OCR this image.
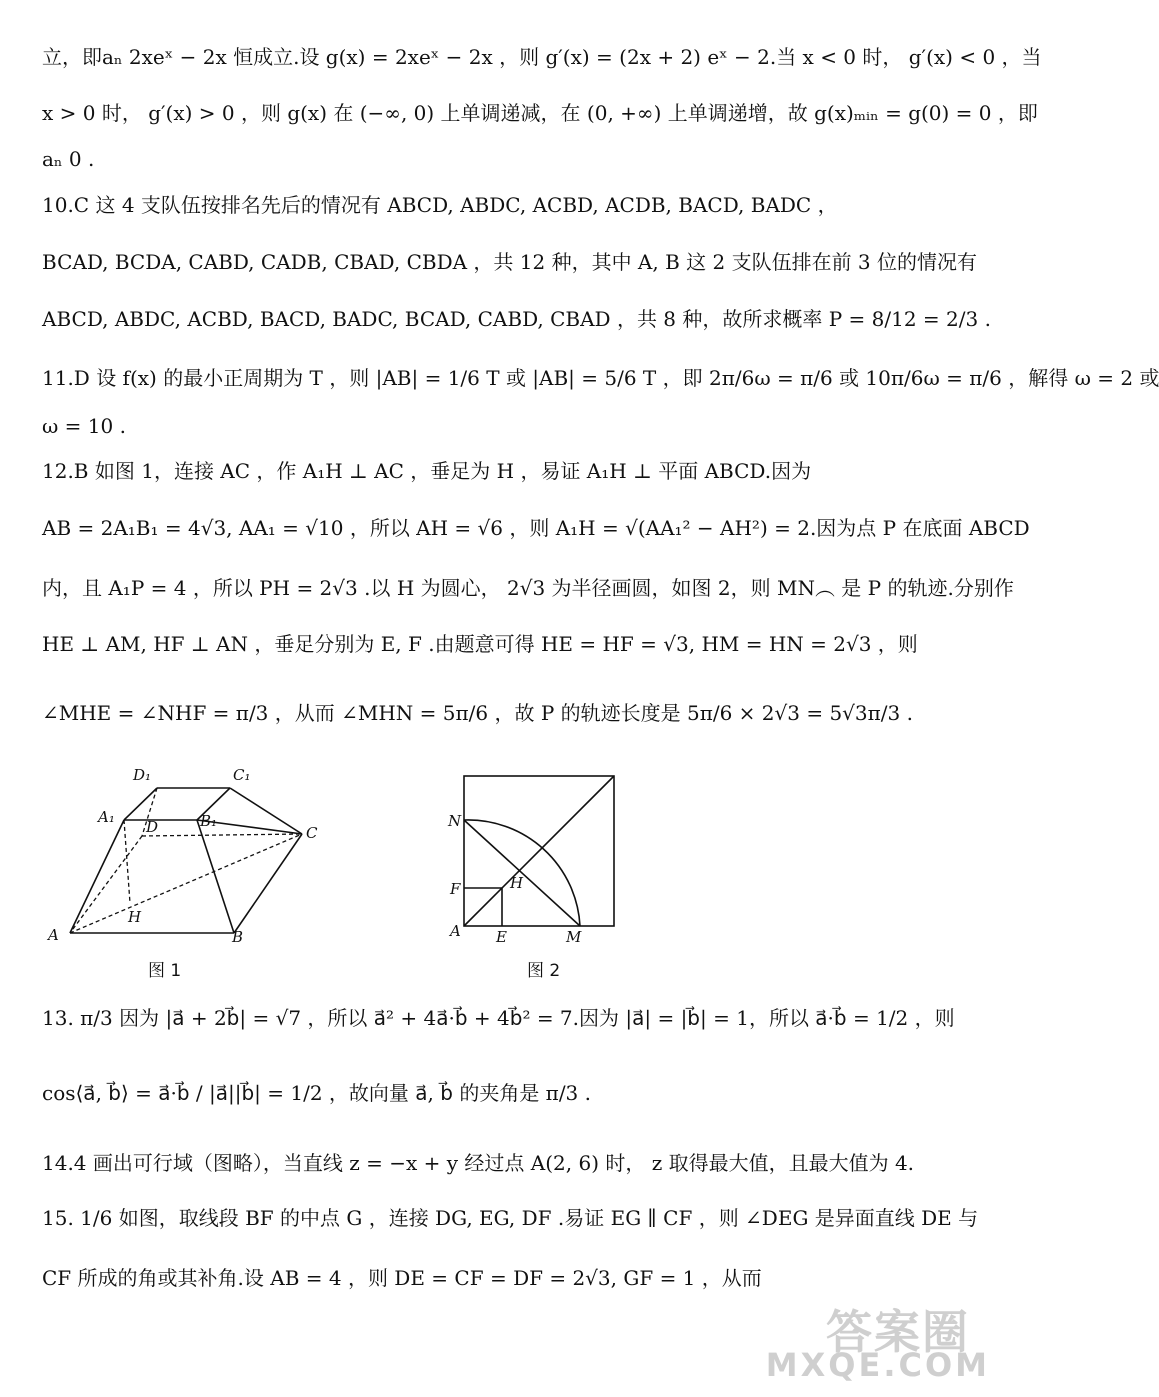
立，即aₙ 2xeˣ − 2x 恒成立.设 g(x) = 2xeˣ − 2x ，则 g′(x) = (2x + 2) eˣ − 2.当 x < 0 时， g′(x) < 0 ，当
x > 0 时， g′(x) > 0 ，则 g(x) 在 (−∞, 0) 上单调递减，在 (0, +∞) 上单调递增，故 g(x)ₘᵢₙ = g(0) = 0 ，即
aₙ 0 .
10.C 这 4 支队伍按排名先后的情况有 ABCD, ABDC, ACBD, ACDB, BACD, BADC ，
BCAD, BCDA, CABD, CADB, CBAD, CBDA ，共 12 种，其中 A, B 这 2 支队伍排在前 3 位的情况有
ABCD, ABDC, ACBD, BACD, BADC, BCAD, CABD, CBAD ，共 8 种，故所求概率 P = 8/12 = 2/3 .
11.D 设 f(x) 的最小正周期为 T ，则 |AB| = 1/6 T 或 |AB| = 5/6 T ，即 2π/6ω = π/6 或 10π/6ω = π/6 ，解得 ω = 2 或
ω = 10 .
12.B 如图 1，连接 AC ，作 A₁H ⊥ AC ，垂足为 H ，易证 A₁H ⊥ 平面 ABCD.因为
AB = 2A₁B₁ = 4√3, AA₁ = √10 ，所以 AH = √6 ，则 A₁H = √(AA₁² − AH²) = 2.因为点 P 在底面 ABCD
内，且 A₁P = 4 ，所以 PH = 2√3 .以 H 为圆心， 2√3 为半径画圆，如图 2，则 MN︵ 是 P 的轨迹.分别作
HE ⊥ AM, HF ⊥ AN ，垂足分别为 E, F .由题意可得 HE = HF = √3, HM = HN = 2√3 ，则
∠MHE = ∠NHF = π/3 ，从而 ∠MHN = 5π/6 ，故 P 的轨迹长度是 5π/6 × 2√3 = 5√3π/3 .
13. π/3 因为 |a⃗ + 2b⃗| = √7 ，所以 a⃗² + 4a⃗·b⃗ + 4b⃗² = 7.因为 |a⃗| = |b⃗| = 1，所以 a⃗·b⃗ = 1/2 ，则
cos⟨a⃗, b⃗⟩ = a⃗·b⃗ / |a⃗||b⃗| = 1/2 ，故向量 a⃗, b⃗ 的夹角是 π/3 .
14.4 画出可行域（图略），当直线 z = −x + y 经过点 A(2, 6) 时， z 取得最大值，且最大值为 4.
15. 1/6 如图，取线段 BF 的中点 G ，连接 DG, EG, DF .易证 EG ∥ CF ，则 ∠DEG 是异面直线 DE 与
CF 所成的角或其补角.设 AB = 4 ，则 DE = CF = DF = 2√3, GF = 1 ，从而
D₁	C₁
A₁
D	B₁
C
H
A	B
图 1
N
H
F
A E	M
图 2
答案圈
MXQE.COM
